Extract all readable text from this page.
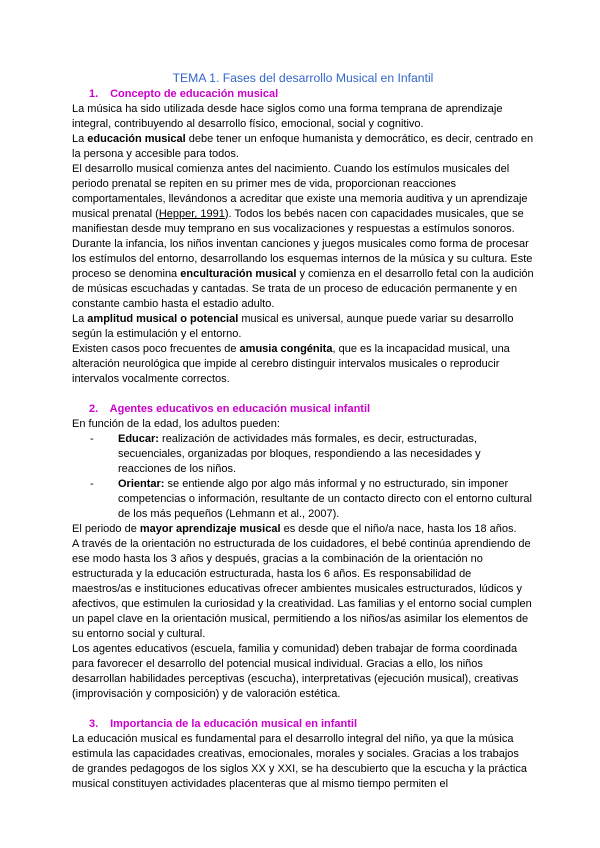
TEMA 1. Fases del desarrollo Musical en Infantil
1. Concepto de educación musical

La música ha sido utilizada desde hace siglos como una forma temprana de aprendizaje integral, contribuyendo al desarrollo físico, emocional, social y cognitivo.

La educación musical debe tener un enfoque humanista y democrático, es decir, centrado en la persona y accesible para todos.

El desarrollo musical comienza antes del nacimiento. Cuando los estímulos musicales del periodo prenatal se repiten en su primer mes de vida, proporcionan reacciones comportamentales, llevándonos a acreditar que existe una memoria auditiva y un aprendizaje musical prenatal (Hepper, 1991). Todos los bebés nacen con capacidades musicales, que se manifiestan desde muy temprano en sus vocalizaciones y respuestas a estímulos sonoros. Durante la infancia, los niños inventan canciones y juegos musicales como forma de procesar los estímulos del entorno, desarrollando los esquemas internos de la música y su cultura. Este proceso se denomina enculturación musical y comienza en el desarrollo fetal con la audición de músicas escuchadas y cantadas. Se trata de un proceso de educación permanente y en constante cambio hasta el estadio adulto.

La amplitud musical o potencial musical es universal, aunque puede variar su desarrollo según la estimulación y el entorno.

Existen casos poco frecuentes de amusia congénita, que es la incapacidad musical, una alteración neurológica que impide al cerebro distinguir intervalos musicales o reproducir intervalos vocalmente correctos.

2. Agentes educativos en educación musical infantil

En función de la edad, los adultos pueden:

- Educar: realización de actividades más formales, es decir, estructuradas, secuenciales, organizadas por bloques, respondiendo a las necesidades y reacciones de los niños.
- Orientar: se entiende algo por algo más informal y no estructurado, sin imponer competencias o información, resultante de un contacto directo con el entorno cultural de los más pequeños (Lehmann et al., 2007).

El periodo de mayor aprendizaje musical es desde que el niño/a nace, hasta los 18 años.

A través de la orientación no estructurada de los cuidadores, el bebé continúa aprendiendo de ese modo hasta los 3 años y después, gracias a la combinación de la orientación no estructurada y la educación estructurada, hasta los 6 años. Es responsabilidad de maestros/as e instituciones educativas ofrecer ambientes musicales estructurados, lúdicos y afectivos, que estimulen la curiosidad y la creatividad. Las familias y el entorno social cumplen un papel clave en la orientación musical, permitiendo a los niños/as asimilar los elementos de su entorno social y cultural.

Los agentes educativos (escuela, familia y comunidad) deben trabajar de forma coordinada para favorecer el desarrollo del potencial musical individual. Gracias a ello, los niños desarrollan habilidades perceptivas (escucha), interpretativas (ejecución musical), creativas (improvisación y composición) y de valoración estética.

3. Importancia de la educación musical en infantil

La educación musical es fundamental para el desarrollo integral del niño, ya que la música estimula las capacidades creativas, emocionales, morales y sociales. Gracias a los trabajos de grandes pedagogos de los siglos XX y XXI, se ha descubierto que la escucha y la práctica musical constituyen actividades placenteras que al mismo tiempo permiten el
